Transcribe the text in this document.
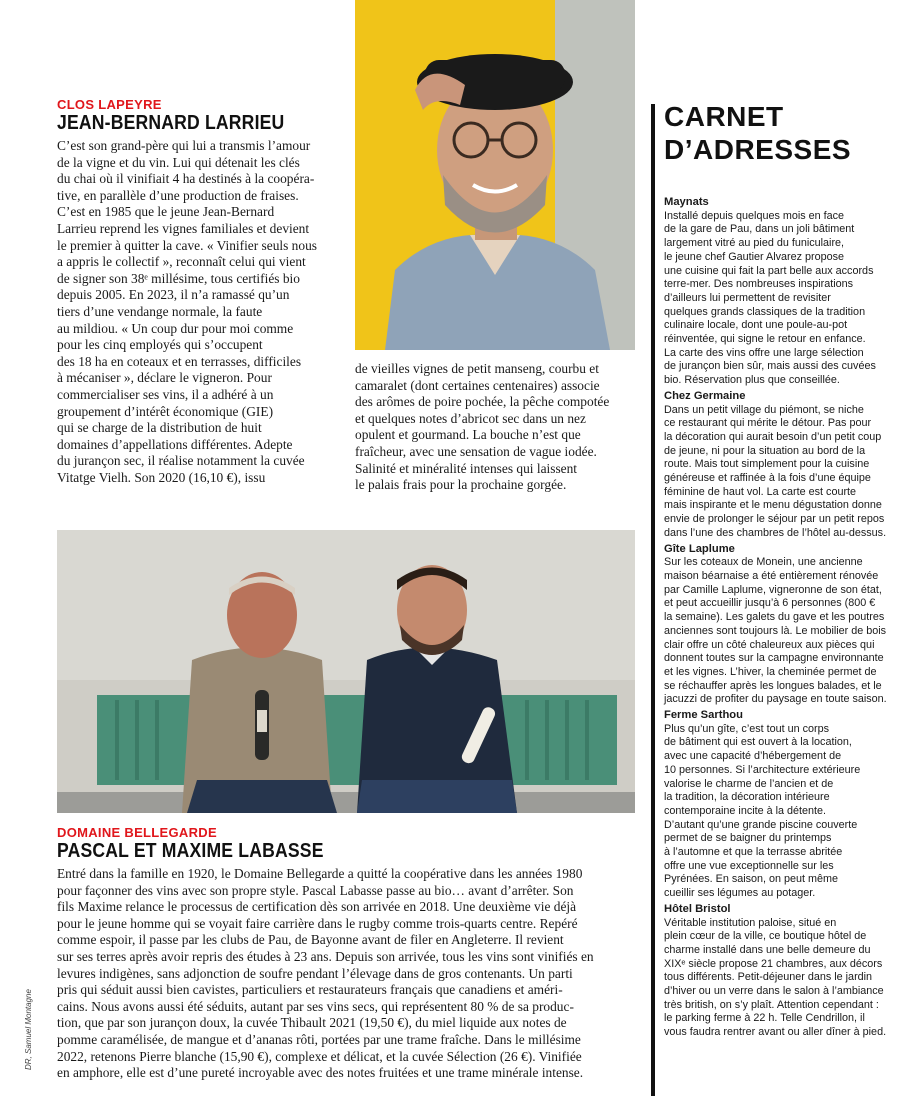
CLOS LAPEYRE
JEAN-BERNARD LARRIEU
C’est son grand-père qui lui a transmis l’amour
de la vigne et du vin. Lui qui détenait les clés
du chai où il vinifiait 4 ha destinés à la coopéra-
tive, en parallèle d’une production de fraises.
C’est en 1985 que le jeune Jean-Bernard
Larrieu reprend les vignes familiales et devient
le premier à quitter la cave. « Vinifier seuls nous
a appris le collectif », reconnaît celui qui vient
de signer son 38ᵉ millésime, tous certifiés bio
depuis 2005. En 2023, il n’a ramassé qu’un
tiers d’une vendange normale, la faute
au mildiou. « Un coup dur pour moi comme
pour les cinq employés qui s’occupent
des 18 ha en coteaux et en terrasses, difficiles
à mécaniser », déclare le vigneron. Pour
commercialiser ses vins, il a adhéré à un
groupement d’intérêt économique (GIE)
qui se charge de la distribution de huit
domaines d’appellations différentes. Adepte
du jurançon sec, il réalise notamment la cuvée
Vitatge Vielh. Son 2020 (16,10 €), issu
de vieilles vignes de petit manseng, courbu et
camaralet (dont certaines centenaires) associe
des arômes de poire pochée, la pêche compotée
et quelques notes d’abricot sec dans un nez
opulent et gourmand. La bouche n’est que
fraîcheur, avec une sensation de vague iodée.
Salinité et minéralité intenses qui laissent
le palais frais pour la prochaine gorgée.
DR, Samuel Montagne
DOMAINE BELLEGARDE
PASCAL ET MAXIME LABASSE
Entré dans la famille en 1920, le Domaine Bellegarde a quitté la coopérative dans les années 1980
pour façonner des vins avec son propre style. Pascal Labasse passe au bio… avant d’arrêter. Son
fils Maxime relance le processus de certification dès son arrivée en 2018. Une deuxième vie déjà
pour le jeune homme qui se voyait faire carrière dans le rugby comme trois-quarts centre. Repéré
comme espoir, il passe par les clubs de Pau, de Bayonne avant de filer en Angleterre. Il revient
sur ses terres après avoir repris des études à 23 ans. Depuis son arrivée, tous les vins sont vinifiés en
levures indigènes, sans adjonction de soufre pendant l’élevage dans de gros contenants. Un parti
pris qui séduit aussi bien cavistes, particuliers et restaurateurs français que canadiens et améri-
cains. Nous avons aussi été séduits, autant par ses vins secs, qui représentent 80 % de sa produc-
tion, que par son jurançon doux, la cuvée Thibault 2021 (19,50 €), du miel liquide aux notes de
pomme caramélisée, de mangue et d’ananas rôti, portées par une trame fraîche. Dans le millésime
2022, retenons Pierre blanche (15,90 €), complexe et délicat, et la cuvée Sélection (26 €). Vinifiée
en amphore, elle est d’une pureté incroyable avec des notes fruitées et une trame minérale intense.
CARNET
D’ADRESSES
Maynats
Installé depuis quelques mois en face
de la gare de Pau, dans un joli bâtiment
largement vitré au pied du funiculaire,
le jeune chef Gautier Alvarez propose
une cuisine qui fait la part belle aux accords
terre-mer. Des nombreuses inspirations
d’ailleurs lui permettent de revisiter
quelques grands classiques de la tradition
culinaire locale, dont une poule-au-pot
réinventée, qui signe le retour en enfance.
La carte des vins offre une large sélection
de jurançon bien sûr, mais aussi des cuvées
bio. Réservation plus que conseillée.
Chez Germaine
Dans un petit village du piémont, se niche
ce restaurant qui mérite le détour. Pas pour
la décoration qui aurait besoin d’un petit coup
de jeune, ni pour la situation au bord de la
route. Mais tout simplement pour la cuisine
généreuse et raffinée à la fois d’une équipe
féminine de haut vol. La carte est courte
mais inspirante et le menu dégustation donne
envie de prolonger le séjour par un petit repos
dans l’une des chambres de l’hôtel au-dessus.
Gîte Laplume
Sur les coteaux de Monein, une ancienne
maison béarnaise a été entièrement rénovée
par Camille Laplume, vigneronne de son état,
et peut accueillir jusqu’à 6 personnes (800 €
la semaine). Les galets du gave et les poutres
anciennes sont toujours là. Le mobilier de bois
clair offre un côté chaleureux aux pièces qui
donnent toutes sur la campagne environnante
et les vignes. L’hiver, la cheminée permet de
se réchauffer après les longues balades, et le
jacuzzi de profiter du paysage en toute saison.
Ferme Sarthou
Plus qu’un gîte, c’est tout un corps
de bâtiment qui est ouvert à la location,
avec une capacité d’hébergement de
10 personnes. Si l’architecture extérieure
valorise le charme de l’ancien et de
la tradition, la décoration intérieure
contemporaine incite à la détente.
D’autant qu’une grande piscine couverte
permet de se baigner du printemps
à l’automne et que la terrasse abritée
offre une vue exceptionnelle sur les
Pyrénées. En saison, on peut même
cueillir ses légumes au potager.
Hôtel Bristol
Véritable institution paloise, situé en
plein cœur de la ville, ce boutique hôtel de
charme installé dans une belle demeure du
XIXᵉ siècle propose 21 chambres, aux décors
tous différents. Petit-déjeuner dans le jardin
d’hiver ou un verre dans le salon à l’ambiance
très british, on s’y plaît. Attention cependant :
le parking ferme à 22 h. Telle Cendrillon, il
vous faudra rentrer avant ou aller dîner à pied.
